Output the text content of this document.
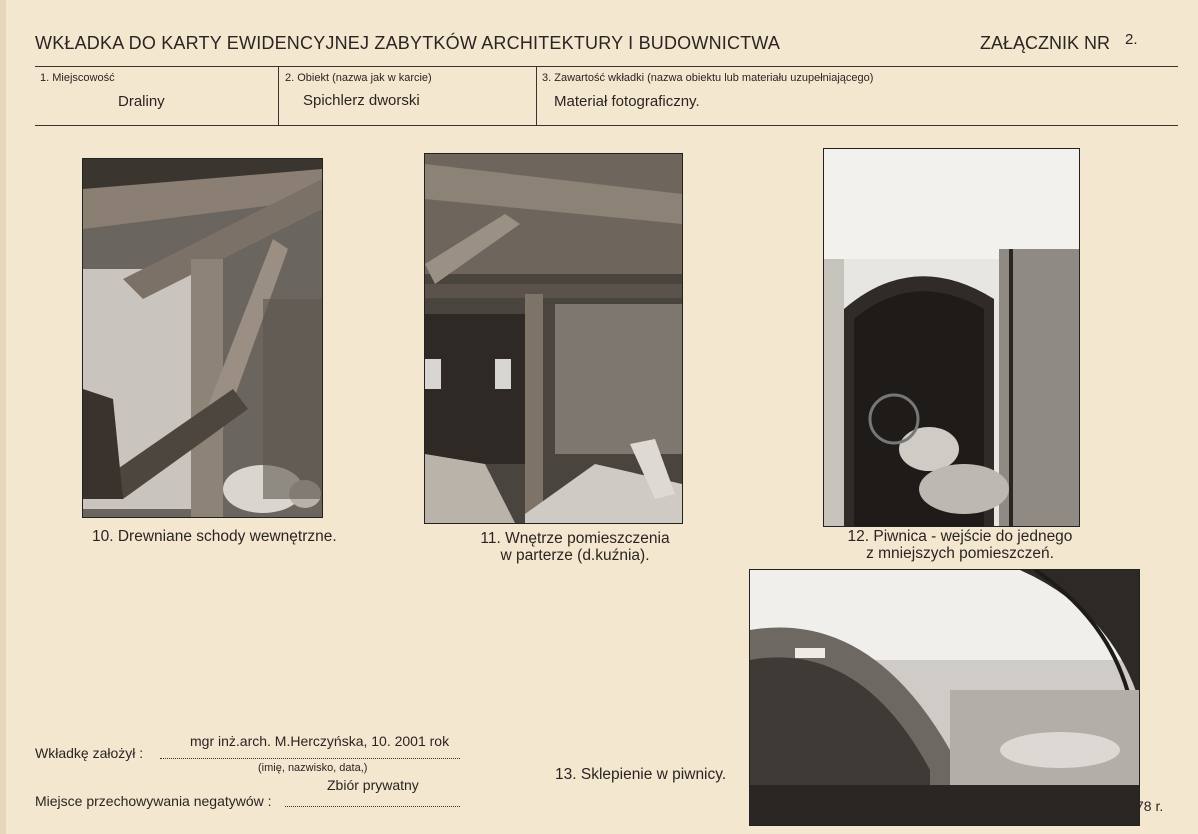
WKŁADKA DO KARTY EWIDENCYJNEJ ZABYTKÓW ARCHITEKTURY I BUDOWNICTWA	ZAŁĄCZNIK NR 2.
1. Miejscowość
Draliny
2. Obiekt (nazwa jak w karcie)
Spichlerz dworski
3. Zawartość wkładki (nazwa obiektu lub materiału uzupełniającego)
Materiał fotograficzny.
10. Drewniane schody wewnętrzne.	11. Wnętrze pomieszczenia
w parterze (d.kuźnia).
12. Piwnica - wejście do jednego
z mniejszych pomieszczeń.
13. Sklepienie w piwnicy.
mgr inż.arch. M.Herczyńska, 10. 2001 rok
Wkładkę założył :
(imię, nazwisko, data,)
Zbiór prywatny
Miejsce przechowywania negatywów :	78 r.
